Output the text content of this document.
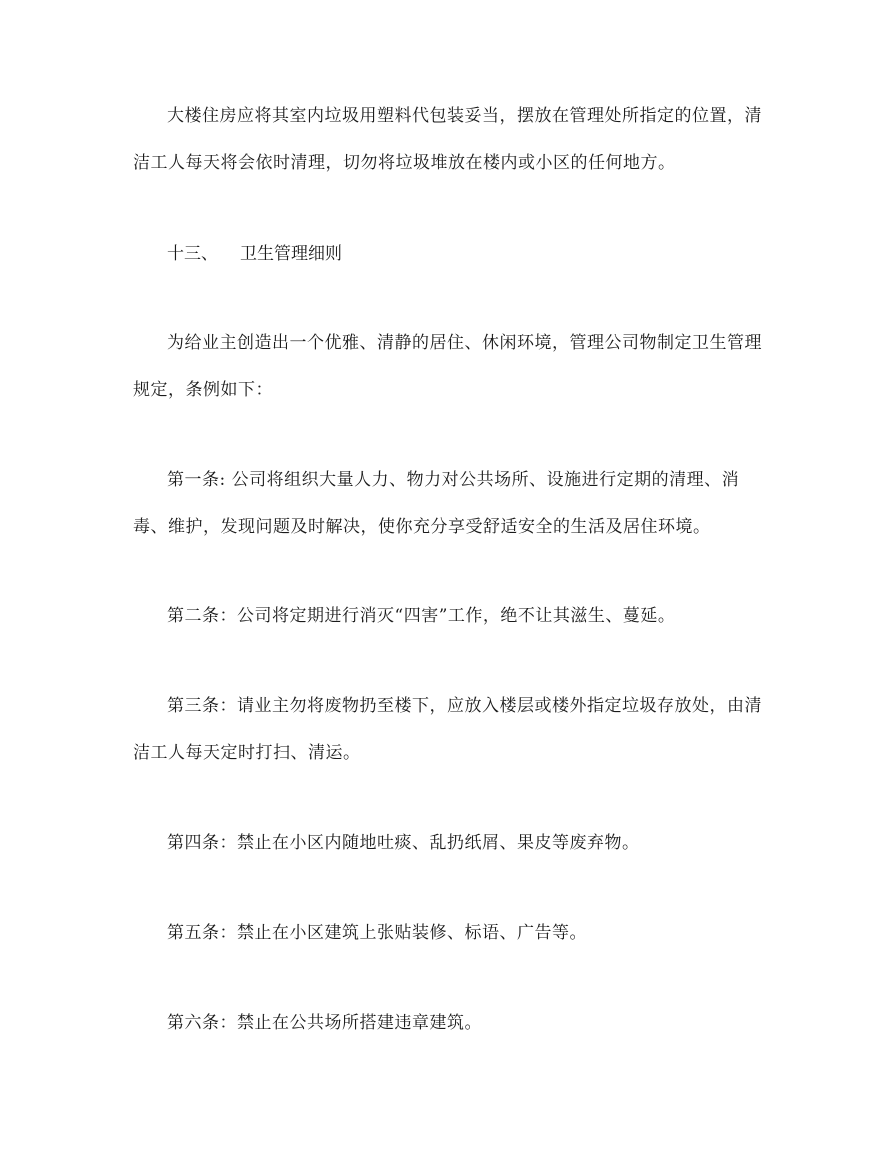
大楼住房应将其室内垃圾用塑料代包装妥当，摆放在管理处所指定的位置，清洁工人每天将会依时清理，切勿将垃圾堆放在楼内或小区的任何地方。

十三、 卫生管理细则

为给业主创造出一个优雅、清静的居住、休闲环境，管理公司物制定卫生管理规定，条例如下：

第一条: 公司将组织大量人力、物力对公共场所、设施进行定期的清理、消毒、维护，发现问题及时解决，使你充分享受舒适安全的生活及居住环境。

第二条：公司将定期进行消灭“四害”工作，绝不让其滋生、蔓延。

第三条：请业主勿将废物扔至楼下，应放入楼层或楼外指定垃圾存放处，由清洁工人每天定时打扫、清运。

第四条：禁止在小区内随地吐痰、乱扔纸屑、果皮等废弃物。

第五条：禁止在小区建筑上张贴装修、标语、广告等。

第六条：禁止在公共场所搭建违章建筑。
